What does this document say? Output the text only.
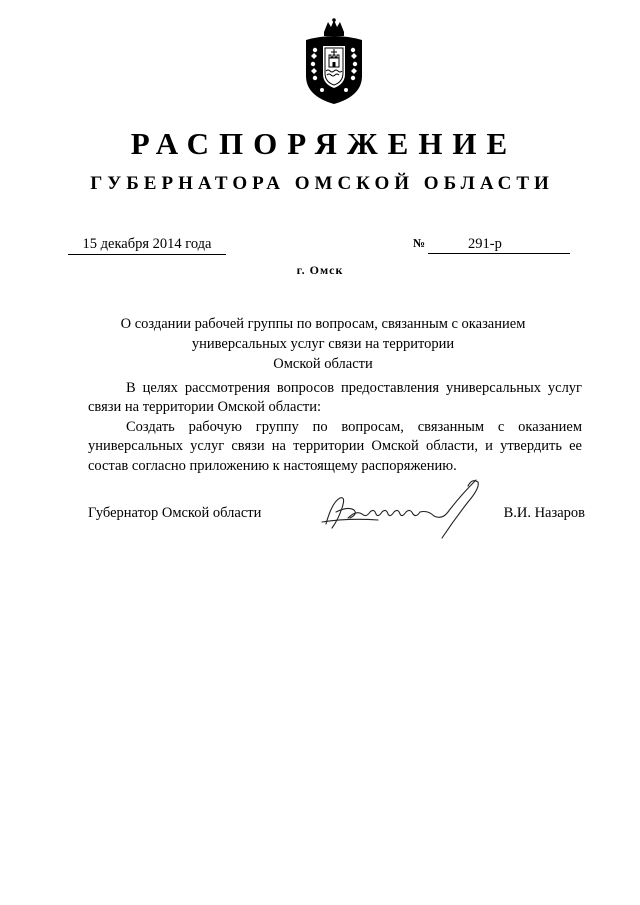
РАСПОРЯЖЕНИЕ
ГУБЕРНАТОРА ОМСКОЙ ОБЛАСТИ
15 декабря 2014 года	№	291-р
г. Омск
О создании рабочей группы по вопросам, связанным с оказанием
универсальных услуг связи на территории
Омской области

В целях рассмотрения вопросов предоставления универсальных услуг связи на территории Омской области:

Создать рабочую группу по вопросам, связанным с оказанием универсальных услуг связи на территории Омской области, и утвердить ее состав согласно приложению к настоящему распоряжению.

Губернатор Омской области	В.И. Назаров
